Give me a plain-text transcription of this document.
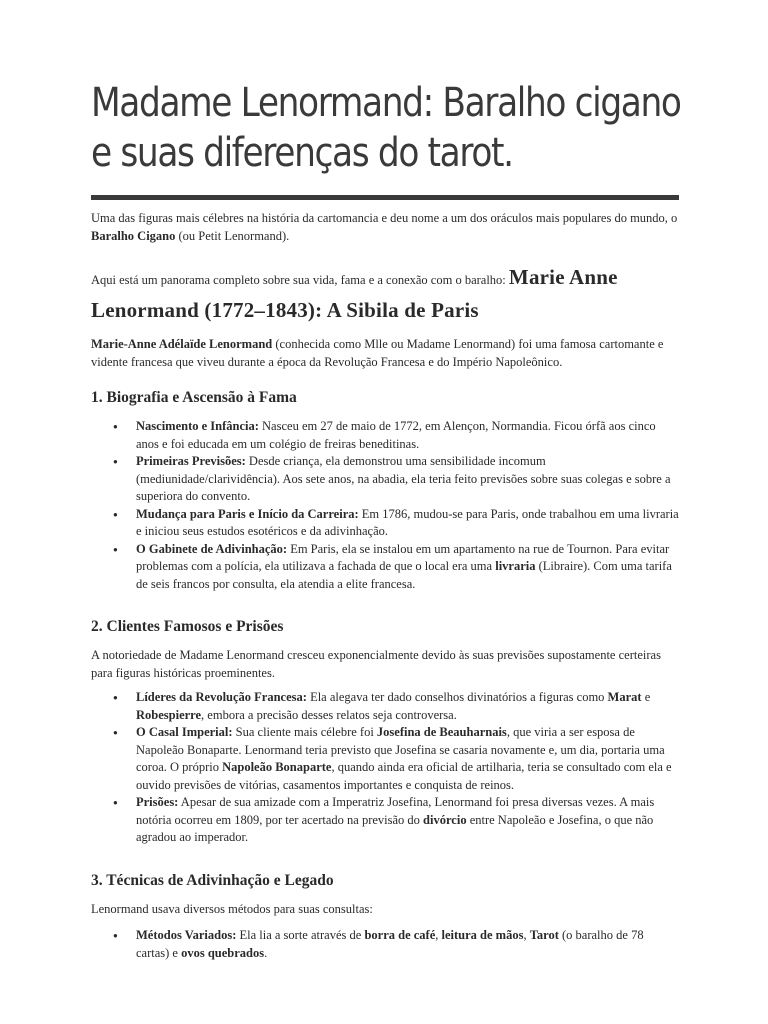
Madame Lenormand: Baralho cigano
e suas diferenças do tarot.

Uma das figuras mais célebres na história da cartomancia e deu nome a um dos oráculos mais populares do mundo, o Baralho Cigano (ou Petit Lenormand).

Aqui está um panorama completo sobre sua vida, fama e a conexão com o baralho: Marie Anne
Lenormand (1772–1843): A Sibila de Paris

Marie-Anne Adélaïde Lenormand (conhecida como Mlle ou Madame Lenormand) foi uma famosa cartomante e vidente francesa que viveu durante a época da Revolução Francesa e do Império Napoleônico.

1. Biografia e Ascensão à Fama
● Nascimento e Infância: Nasceu em 27 de maio de 1772, em Alençon, Normandia. Ficou órfã aos cinco anos e foi educada em um colégio de freiras beneditinas.
● Primeiras Previsões: Desde criança, ela demonstrou uma sensibilidade incomum (mediunidade/clarividência). Aos sete anos, na abadia, ela teria feito previsões sobre suas colegas e sobre a superiora do convento.
● Mudança para Paris e Início da Carreira: Em 1786, mudou-se para Paris, onde trabalhou em uma livraria e iniciou seus estudos esotéricos e da adivinhação.
● O Gabinete de Adivinhação: Em Paris, ela se instalou em um apartamento na rue de Tournon. Para evitar problemas com a polícia, ela utilizava a fachada de que o local era uma livraria (Libraire). Com uma tarifa de seis francos por consulta, ela atendia a elite francesa.
2. Clientes Famosos e Prisões

A notoriedade de Madame Lenormand cresceu exponencialmente devido às suas previsões supostamente certeiras para figuras históricas proeminentes.

● Líderes da Revolução Francesa: Ela alegava ter dado conselhos divinatórios a figuras como Marat e Robespierre, embora a precisão desses relatos seja controversa.
● O Casal Imperial: Sua cliente mais célebre foi Josefina de Beauharnais, que viria a ser esposa de Napoleão Bonaparte. Lenormand teria previsto que Josefina se casaria novamente e, um dia, portaria uma coroa. O próprio Napoleão Bonaparte, quando ainda era oficial de artilharia, teria se consultado com ela e ouvido previsões de vitórias, casamentos importantes e conquista de reinos.
● Prisões: Apesar de sua amizade com a Imperatriz Josefina, Lenormand foi presa diversas vezes. A mais notória ocorreu em 1809, por ter acertado na previsão do divórcio entre Napoleão e Josefina, o que não agradou ao imperador.
3. Técnicas de Adivinhação e Legado

Lenormand usava diversos métodos para suas consultas:

● Métodos Variados: Ela lia a sorte através de borra de café, leitura de mãos, Tarot (o baralho de 78 cartas) e ovos quebrados.
